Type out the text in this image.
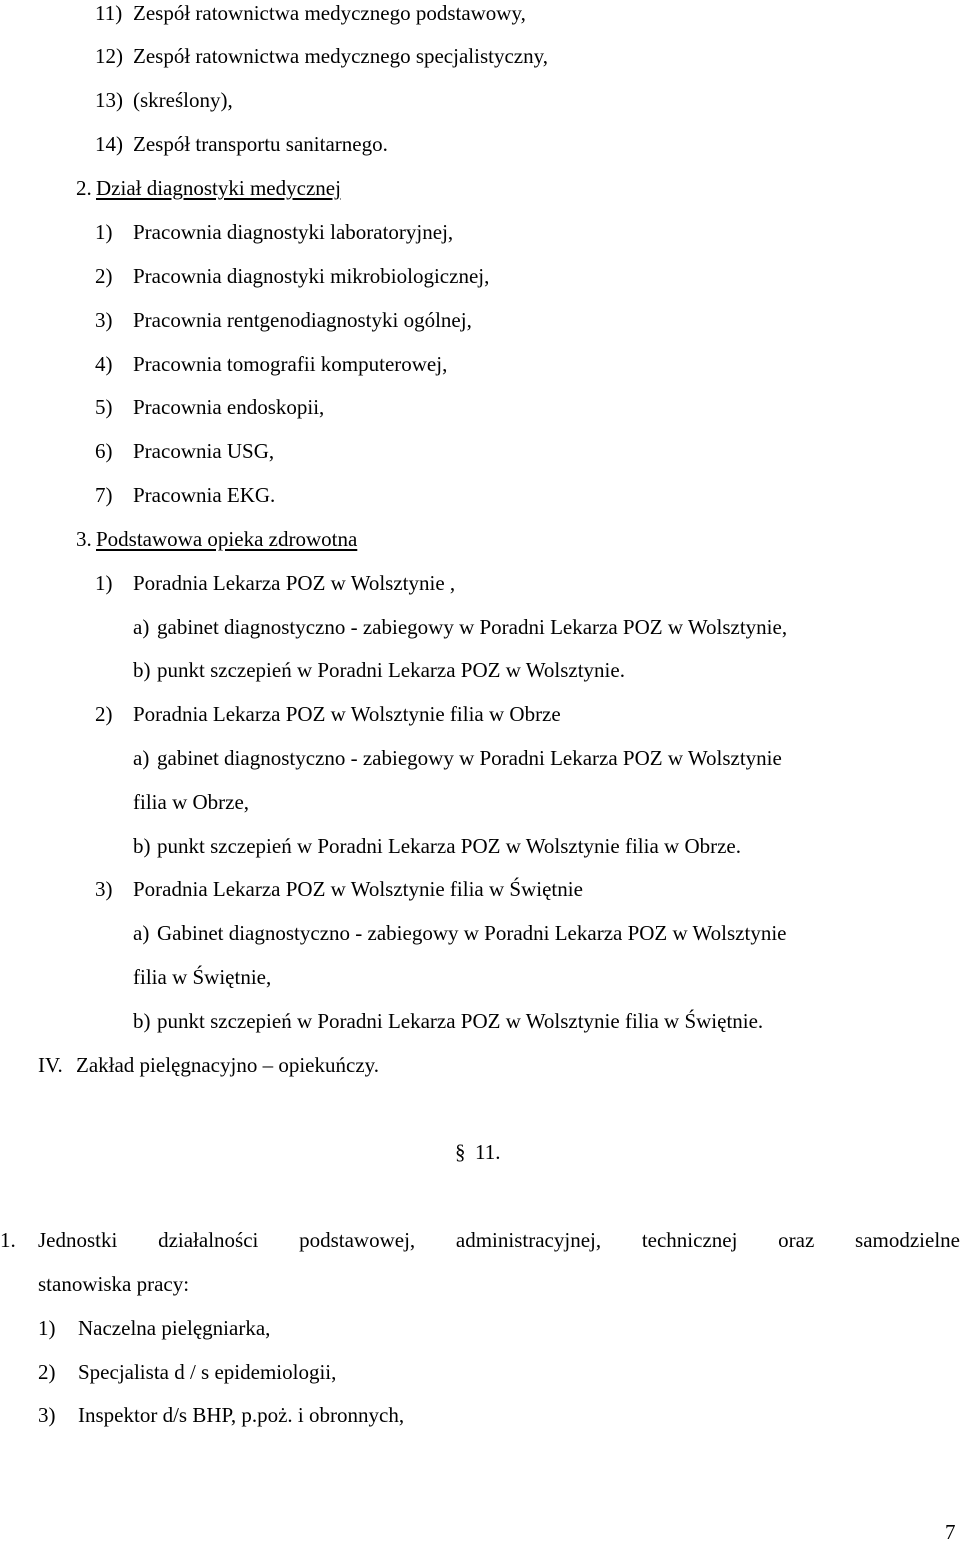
11) Zespół ratownictwa medycznego podstawowy,
12) Zespół ratownictwa medycznego specjalistyczny,
13) (skreślony),
14) Zespół transportu sanitarnego.
2. Dział diagnostyki medycznej
1) Pracownia diagnostyki laboratoryjnej,
2) Pracownia diagnostyki mikrobiologicznej,
3) Pracownia rentgenodiagnostyki ogólnej,
4) Pracownia tomografii komputerowej,
5) Pracownia endoskopii,
6) Pracownia USG,
7) Pracownia EKG.
3. Podstawowa opieka zdrowotna
1) Poradnia Lekarza POZ w Wolsztynie ,
a) gabinet diagnostyczno - zabiegowy w Poradni Lekarza POZ w Wolsztynie,
b) punkt szczepień w Poradni Lekarza POZ w Wolsztynie.
2) Poradnia Lekarza POZ w Wolsztynie filia w Obrze
a) gabinet diagnostyczno - zabiegowy w Poradni Lekarza POZ w Wolsztynie
filia w Obrze,
b) punkt szczepień w Poradni Lekarza POZ w Wolsztynie filia w Obrze.
3) Poradnia Lekarza POZ w Wolsztynie filia w Świętnie
a) Gabinet diagnostyczno - zabiegowy w Poradni Lekarza POZ w Wolsztynie
filia w Świętnie,
b) punkt szczepień w Poradni Lekarza POZ w Wolsztynie filia w Świętnie.
IV. Zakład pielęgnacyjno – opiekuńczy.
§ 11.
1. Jednostki działalności podstawowej, administracyjnej, technicznej oraz samodzielne
stanowiska pracy:
1) Naczelna pielęgniarka,
2) Specjalista d / s epidemiologii,
3) Inspektor d/s BHP, p.poż. i obronnych,
7
